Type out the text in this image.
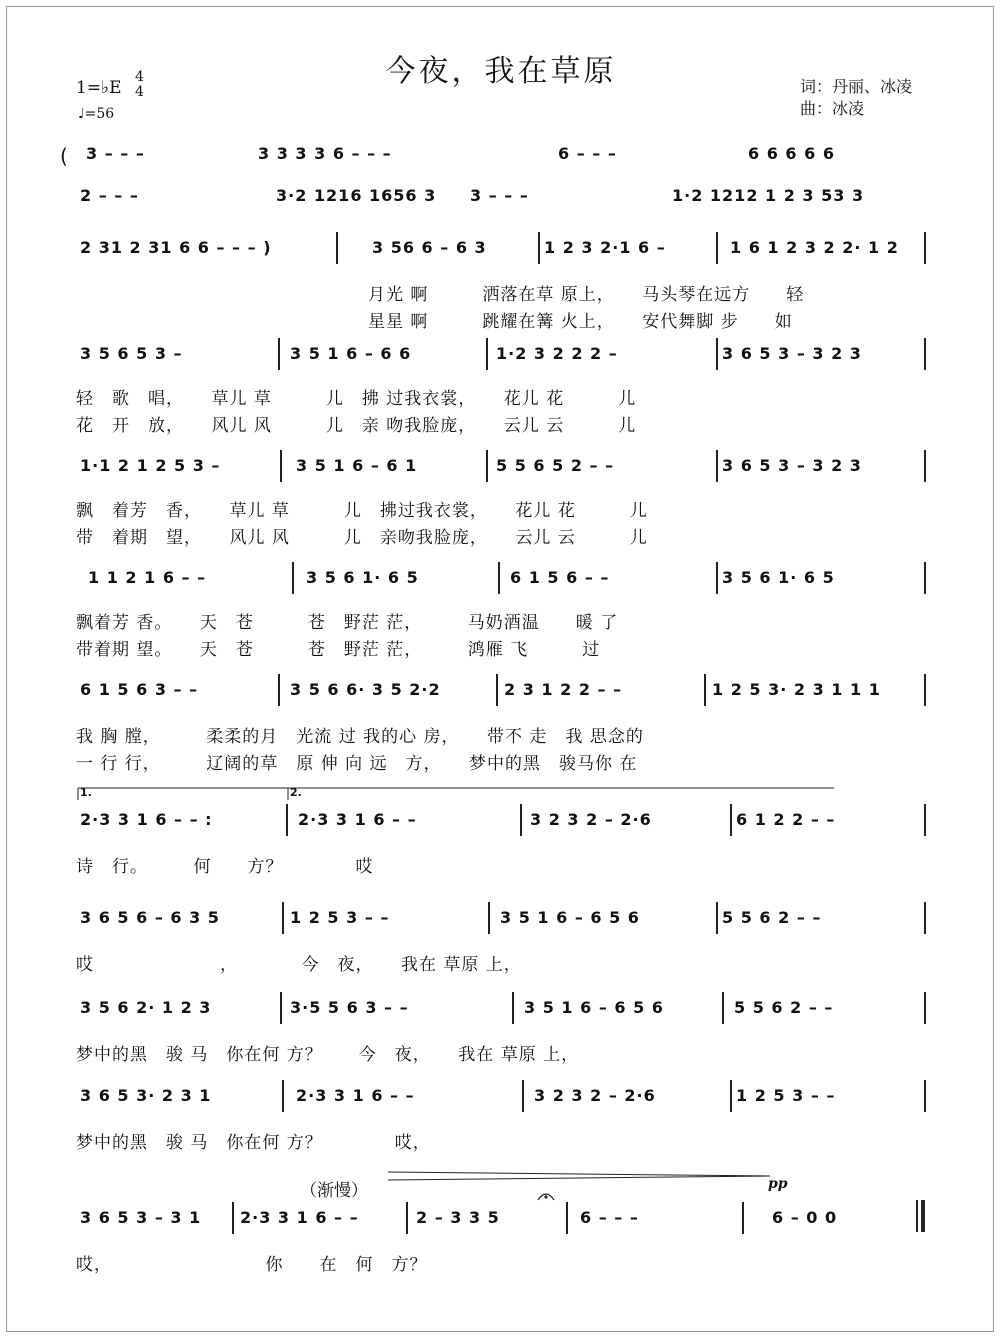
今夜，我在草原
1=♭E
4
4
♩=56
词：丹丽、冰凌
曲：冰凌
( 3 – – –	3 3 3 3 6 – – –	6 – – –	6 6 6 6 6
2 – – –	3·2 1216 1656 3 3 – – –	1·2 1212 1 2 3 53 3
2 31 2 31 6 6 – – – )	3 56 6 – 6 3	1 2 3 2·1 6 –	1 6 1 2 3 2 2· 1 2
月光 啊　　　洒落在草 原上，　　马头琴在远方　　轻
星星 啊　　　跳耀在篝 火上，　　安代舞脚 步　　如
3 5 6 5 3 –	3 5 1 6 – 6 6	1·2 3 2 2 2 –	3 6 5 3 – 3 2 3
轻　歌　唱，　　草儿 草　　　儿　拂 过我衣裳，　　花儿 花　　　儿
花　开　放，　　风儿 风　　　儿　亲 吻我脸庞，　　云儿 云　　　儿
1·1 2 1 2 5 3 –	3 5 1 6 – 6 1	5 5 6 5 2 – –	3 6 5 3 – 3 2 3
飘　着芳　香，　　草儿 草　　　儿　拂过我衣裳，　　花儿 花　　　儿
带　着期　望，　　风儿 风　　　儿　亲吻我脸庞，　　云儿 云　　　儿
1 1 2 1 6 – –	3 5 6 1· 6 5	6 1 5 6 – –	3 5 6 1· 6 5
飘着芳 香。　　天　苍　　　苍　野茫 茫，　　　马奶酒温　　暖 了
带着期 望。　　天　苍　　　苍　野茫 茫，　　　鸿雁 飞　　　过
6 1 5 6 3 – –	3 5 6 6· 3 5 2·2	2 3 1 2 2 – –	1 2 5 3· 2 3 1 1 1
我 胸 膛，　　　柔柔的月　光流 过 我的心 房，　　带不 走　我 思念的
一 行 行，　　　辽阔的草　原 伸 向 远　方，　　梦中的黑　骏马你 在
2·3 3 1 6 – – :	2·3 3 1 6 – –	3 2 3 2 – 2·6	6 1 2 2 – –
诗　行。　　　何　　方？　　　　哎
3 6 5 6 – 6 3 5	1 2 5 3 – –	3 5 1 6 – 6 5 6	5 5 6 2 – –
哎　　　　　　　，　　　　今　夜，　　我在 草原 上，
3 5 6 2· 1 2 3	3·5 5 6 3 – –	3 5 1 6 – 6 5 6	5 5 6 2 – –
梦中的黑　骏 马　你在何 方？　　今　夜，　　我在 草原 上，
3 6 5 3· 2 3 1	2·3 3 1 6 – –	3 2 3 2 – 2·6	1 2 5 3 – –
梦中的黑　骏 马　你在何 方？　　　　哎，
3 6 5 3 – 3 1 2·3 3 1 6 – –	2 – 3 3 5	6 – – –	6 – 0 0
哎，　　　　　　　　　你　　在　何　方？
（渐慢）	pp
1.	2.
